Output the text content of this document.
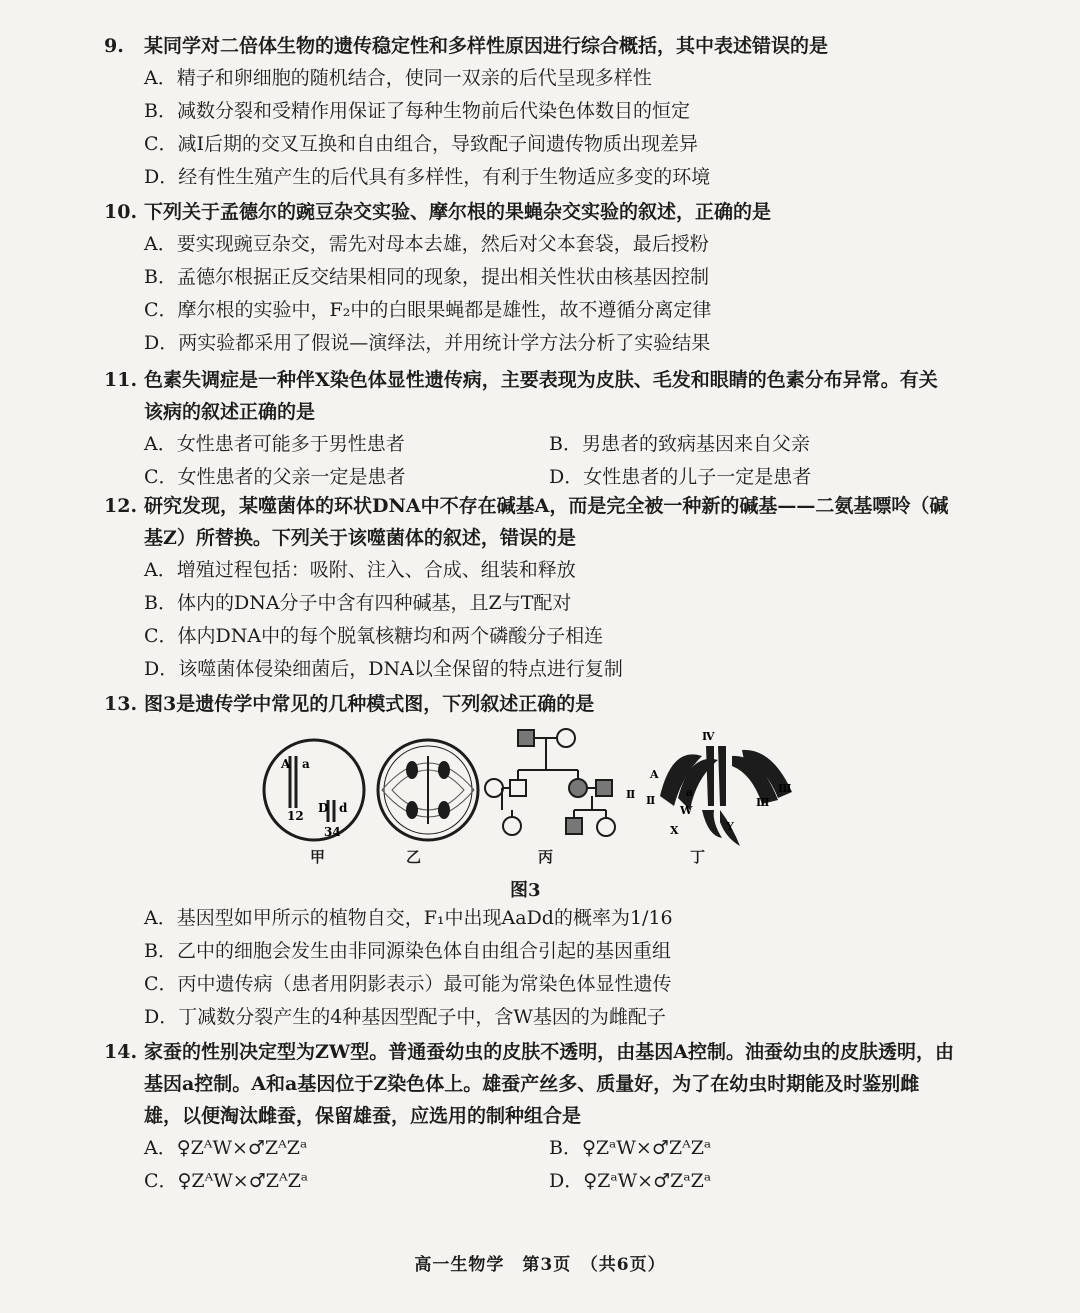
9. 某同学对二倍体生物的遗传稳定性和多样性原因进行综合概括，其中表述错误的是
A．精子和卵细胞的随机结合，使同一双亲的后代呈现多样性
B．减数分裂和受精作用保证了每种生物前后代染色体数目的恒定
C．减Ⅰ后期的交叉互换和自由组合，导致配子间遗传物质出现差异
D．经有性生殖产生的后代具有多样性，有利于生物适应多变的环境
10. 下列关于孟德尔的豌豆杂交实验、摩尔根的果蝇杂交实验的叙述，正确的是
A．要实现豌豆杂交，需先对母本去雄，然后对父本套袋，最后授粉
B．孟德尔根据正反交结果相同的现象，提出相关性状由核基因控制
C．摩尔根的实验中，F₂中的白眼果蝇都是雄性，故不遵循分离定律
D．两实验都采用了假说—演绎法，并用统计学方法分析了实验结果
11. 色素失调症是一种伴X染色体显性遗传病，主要表现为皮肤、毛发和眼睛的色素分布异常。有关该病的叙述正确的是
A．女性患者可能多于男性患者	B．男患者的致病基因来自父亲
C．女性患者的父亲一定是患者	D．女性患者的儿子一定是患者
12. 研究发现，某噬菌体的环状DNA中不存在碱基A，而是完全被一种新的碱基——二氨基嘌呤（碱基Z）所替换。下列关于该噬菌体的叙述，错误的是
A．增殖过程包括：吸附、注入、合成、组装和释放
B．体内的DNA分子中含有四种碱基，且Z与T配对
C．体内DNA中的每个脱氧核糖均和两个磷酸分子相连
D．该噬菌体侵染细菌后，DNA以全保留的特点进行复制
13. 图3是遗传学中常见的几种模式图，下列叙述正确的是
A a
D d
12
34
Ⅳ
A
a
Ⅱ Ⅱ
Ⅲ
Ⅲ
W
X	Y
甲	乙	丙	丁
图3
A．基因型如甲所示的植物自交，F₁中出现AaDd的概率为1/16
B．乙中的细胞会发生由非同源染色体自由组合引起的基因重组
C．丙中遗传病（患者用阴影表示）最可能为常染色体显性遗传
D．丁减数分裂产生的4种基因型配子中，含W基因的为雌配子
14. 家蚕的性别决定型为ZW型。普通蚕幼虫的皮肤不透明，由基因A控制。油蚕幼虫的皮肤透明，由基因a控制。A和a基因位于Z染色体上。雄蚕产丝多、质量好，为了在幼虫时期能及时鉴别雌雄，以便淘汰雌蚕，保留雄蚕，应选用的制种组合是
A．♀ZᴬW×♂ZᴬZᵃ	B．♀ZᵃW×♂ZᴬZᵃ
C．♀ZᴬW×♂ZᴬZᵃ	D．♀ZᵃW×♂ZᵃZᵃ
高一生物学　第3页　（共6页）
